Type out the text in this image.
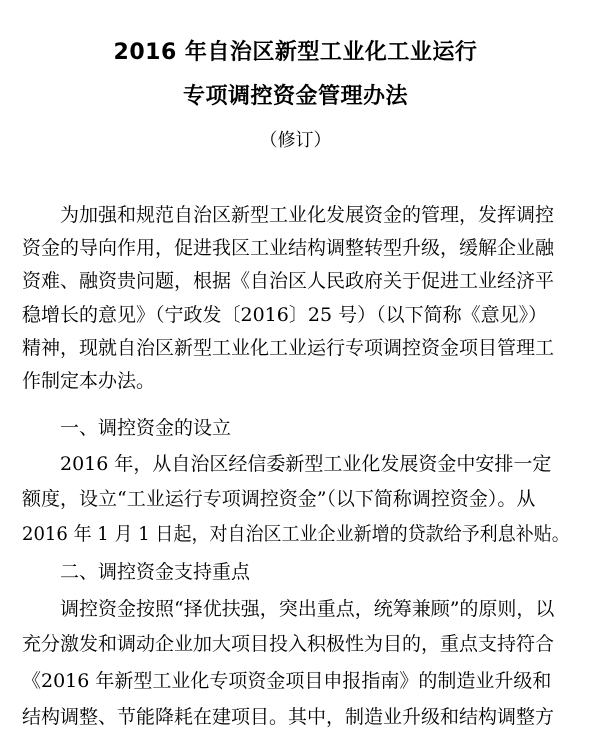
2016 年自治区新型工业化工业运行
专项调控资金管理办法
（修订）
为加强和规范自治区新型工业化发展资金的管理，发挥调控
资金的导向作用，促进我区工业结构调整转型升级，缓解企业融
资难、融资贵问题，根据《自治区人民政府关于促进工业经济平
稳增长的意见》（宁政发〔2016〕25 号）（以下简称《意见》）
精神，现就自治区新型工业化工业运行专项调控资金项目管理工
作制定本办法。
一、调控资金的设立
2016 年，从自治区经信委新型工业化发展资金中安排一定
额度，设立“工业运行专项调控资金”（以下简称调控资金）。从
2016 年 1 月 1 日起，对自治区工业企业新增的贷款给予利息补贴。
二、调控资金支持重点
调控资金按照“择优扶强，突出重点，统筹兼顾”的原则，以
充分激发和调动企业加大项目投入积极性为目的，重点支持符合
《2016 年新型工业化专项资金项目申报指南》的制造业升级和
结构调整、节能降耗在建项目。其中，制造业升级和结构调整方
